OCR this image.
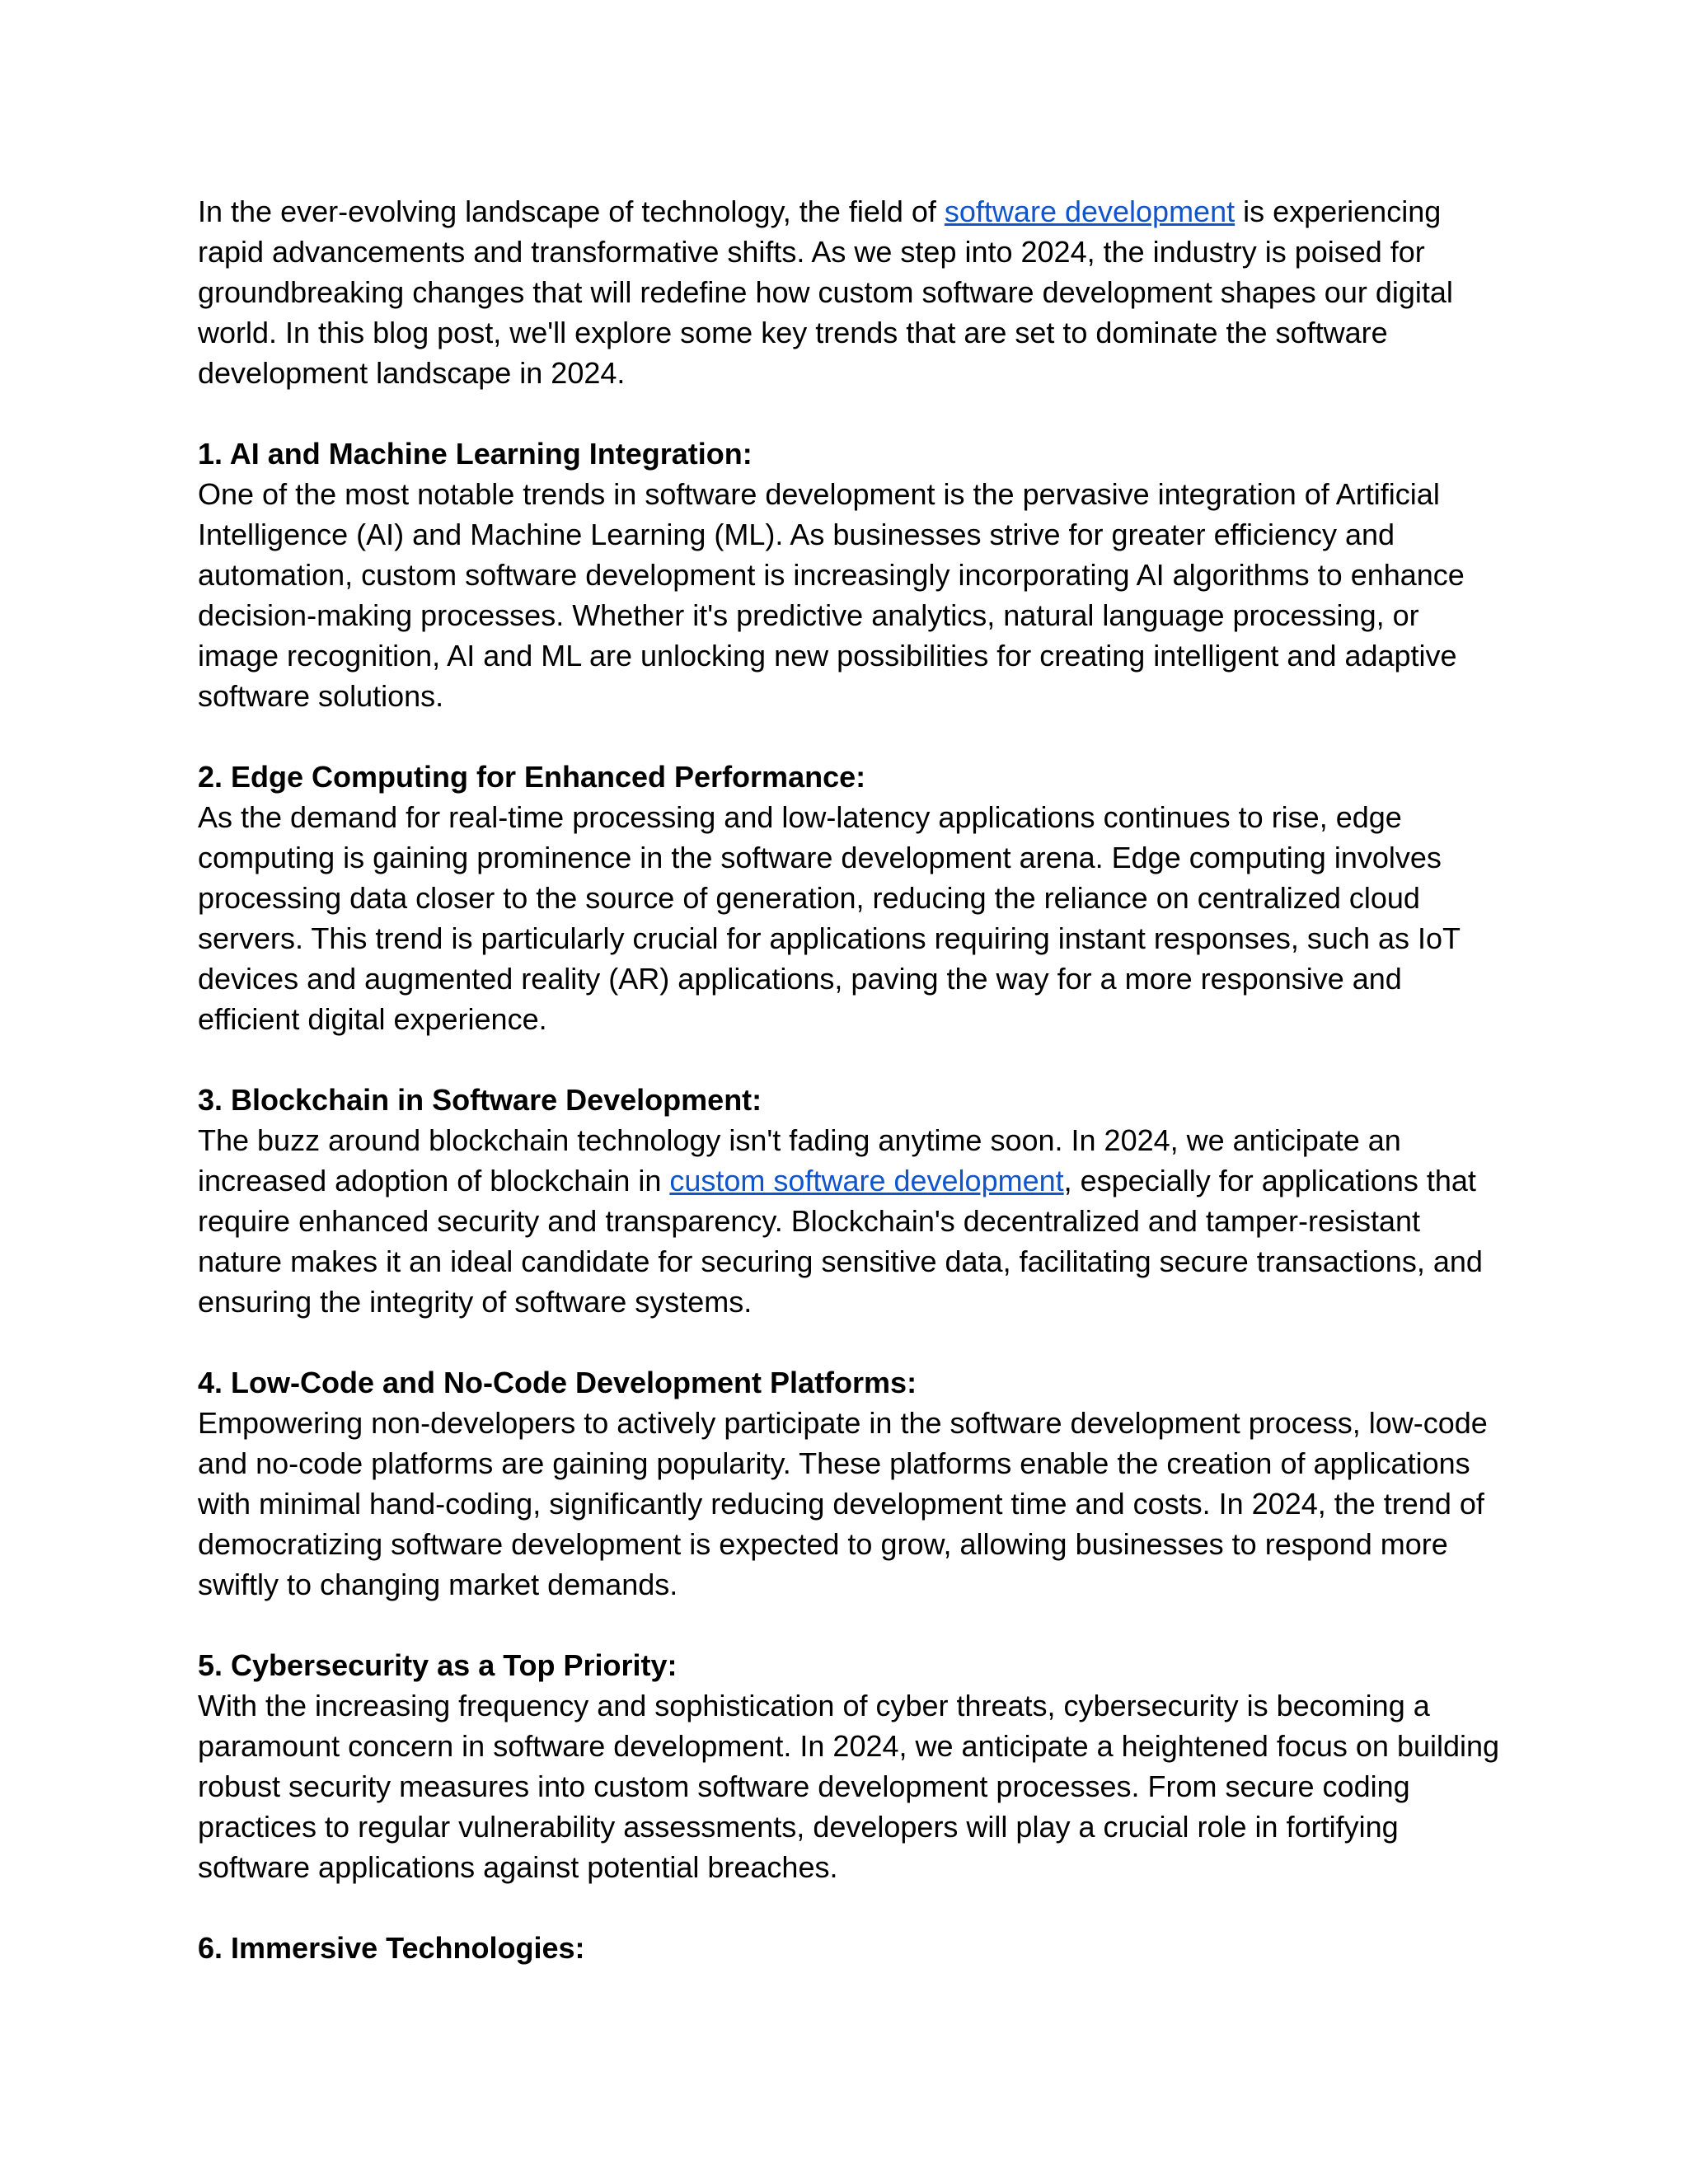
In the ever-evolving landscape of technology, the field of software development is experiencing rapid advancements and transformative shifts. As we step into 2024, the industry is poised for groundbreaking changes that will redefine how custom software development shapes our digital world. In this blog post, we'll explore some key trends that are set to dominate the software development landscape in 2024.

1. AI and Machine Learning Integration:

One of the most notable trends in software development is the pervasive integration of Artificial Intelligence (AI) and Machine Learning (ML). As businesses strive for greater efficiency and automation, custom software development is increasingly incorporating AI algorithms to enhance decision-making processes. Whether it's predictive analytics, natural language processing, or image recognition, AI and ML are unlocking new possibilities for creating intelligent and adaptive software solutions.

2. Edge Computing for Enhanced Performance:

As the demand for real-time processing and low-latency applications continues to rise, edge computing is gaining prominence in the software development arena. Edge computing involves processing data closer to the source of generation, reducing the reliance on centralized cloud servers. This trend is particularly crucial for applications requiring instant responses, such as IoT devices and augmented reality (AR) applications, paving the way for a more responsive and efficient digital experience.

3. Blockchain in Software Development:

The buzz around blockchain technology isn't fading anytime soon. In 2024, we anticipate an increased adoption of blockchain in custom software development, especially for applications that require enhanced security and transparency. Blockchain's decentralized and tamper-resistant nature makes it an ideal candidate for securing sensitive data, facilitating secure transactions, and ensuring the integrity of software systems.

4. Low-Code and No-Code Development Platforms:

Empowering non-developers to actively participate in the software development process, low-code and no-code platforms are gaining popularity. These platforms enable the creation of applications with minimal hand-coding, significantly reducing development time and costs. In 2024, the trend of democratizing software development is expected to grow, allowing businesses to respond more swiftly to changing market demands.

5. Cybersecurity as a Top Priority:

With the increasing frequency and sophistication of cyber threats, cybersecurity is becoming a paramount concern in software development. In 2024, we anticipate a heightened focus on building robust security measures into custom software development processes. From secure coding practices to regular vulnerability assessments, developers will play a crucial role in fortifying software applications against potential breaches.

6. Immersive Technologies:
